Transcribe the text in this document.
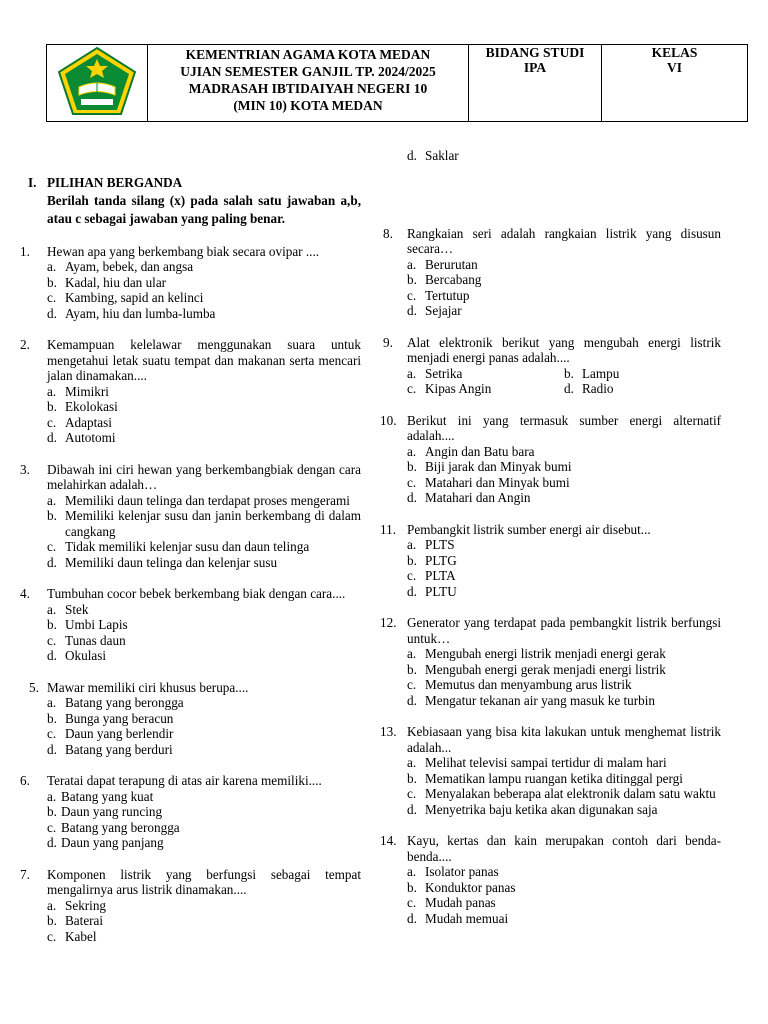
KEMENTRIAN AGAMA KOTA MEDAN
UJIAN SEMESTER GANJIL TP. 2024/2025
MADRASAH IBTIDAIYAH NEGERI 10
(MIN 10) KOTA MEDAN

BIDANG STUDI
IPA

KELAS
VI
I. PILIHAN BERGANDA
Berilah tanda silang (x) pada salah satu jawaban a,b, atau c sebagai jawaban yang paling benar.
1. Hewan apa yang berkembang biak secara ovipar ....
a. Ayam, bebek, dan angsa
b. Kadal, hiu dan ular
c. Kambing, sapid an kelinci
d. Ayam, hiu dan lumba-lumba
2. Kemampuan kelelawar menggunakan suara untuk mengetahui letak suatu tempat dan makanan serta mencari jalan dinamakan....
a. Mimikri
b. Ekolokasi
c. Adaptasi
d. Autotomi
3. Dibawah ini ciri hewan yang berkembangbiak dengan cara melahirkan adalah…
a. Memiliki daun telinga dan terdapat proses mengerami
b. Memiliki kelenjar susu dan janin berkembang di dalam cangkang
c. Tidak memiliki kelenjar susu dan daun telinga
d. Memiliki daun telinga dan kelenjar susu
4. Tumbuhan cocor bebek berkembang biak dengan cara....
a. Stek
b. Umbi Lapis
c. Tunas daun
d. Okulasi
5. Mawar memiliki ciri khusus berupa....
a. Batang yang berongga
b. Bunga yang beracun
c. Daun yang berlendir
d. Batang yang berduri
6. Teratai dapat terapung di atas air karena memiliki....
a. Batang yang kuat
b. Daun yang runcing
c. Batang yang berongga
d. Daun yang panjang
7. Komponen listrik yang berfungsi sebagai tempat mengalirnya arus listrik dinamakan....
a. Sekring
b. Baterai
c. Kabel
d. Saklar
8. Rangkaian seri adalah rangkaian listrik yang disusun secara…
a. Berurutan
b. Bercabang
c. Tertutup
d. Sejajar
9. Alat elektronik berikut yang mengubah energi listrik menjadi energi panas adalah....
a. Setrika	b. Lampu
c. Kipas Angin	d. Radio
10. Berikut ini yang termasuk sumber energi alternatif adalah....
a. Angin dan Batu bara
b. Biji jarak dan Minyak bumi
c. Matahari dan Minyak bumi
d. Matahari dan Angin
11. Pembangkit listrik sumber energi air disebut...
a. PLTS
b. PLTG
c. PLTA
d. PLTU
12. Generator yang terdapat pada pembangkit listrik berfungsi untuk…
a. Mengubah energi listrik menjadi energi gerak
b. Mengubah energi gerak menjadi energi listrik
c. Memutus dan menyambung arus listrik
d. Mengatur tekanan air yang masuk ke turbin
13. Kebiasaan yang bisa kita lakukan untuk menghemat listrik adalah...
a. Melihat televisi sampai tertidur di malam hari
b. Mematikan lampu ruangan ketika ditinggal pergi
c. Menyalakan beberapa alat elektronik dalam satu waktu
d. Menyetrika baju ketika akan digunakan saja
14. Kayu, kertas dan kain merupakan contoh dari benda-benda....
a. Isolator panas
b. Konduktor panas
c. Mudah panas
d. Mudah memuai
